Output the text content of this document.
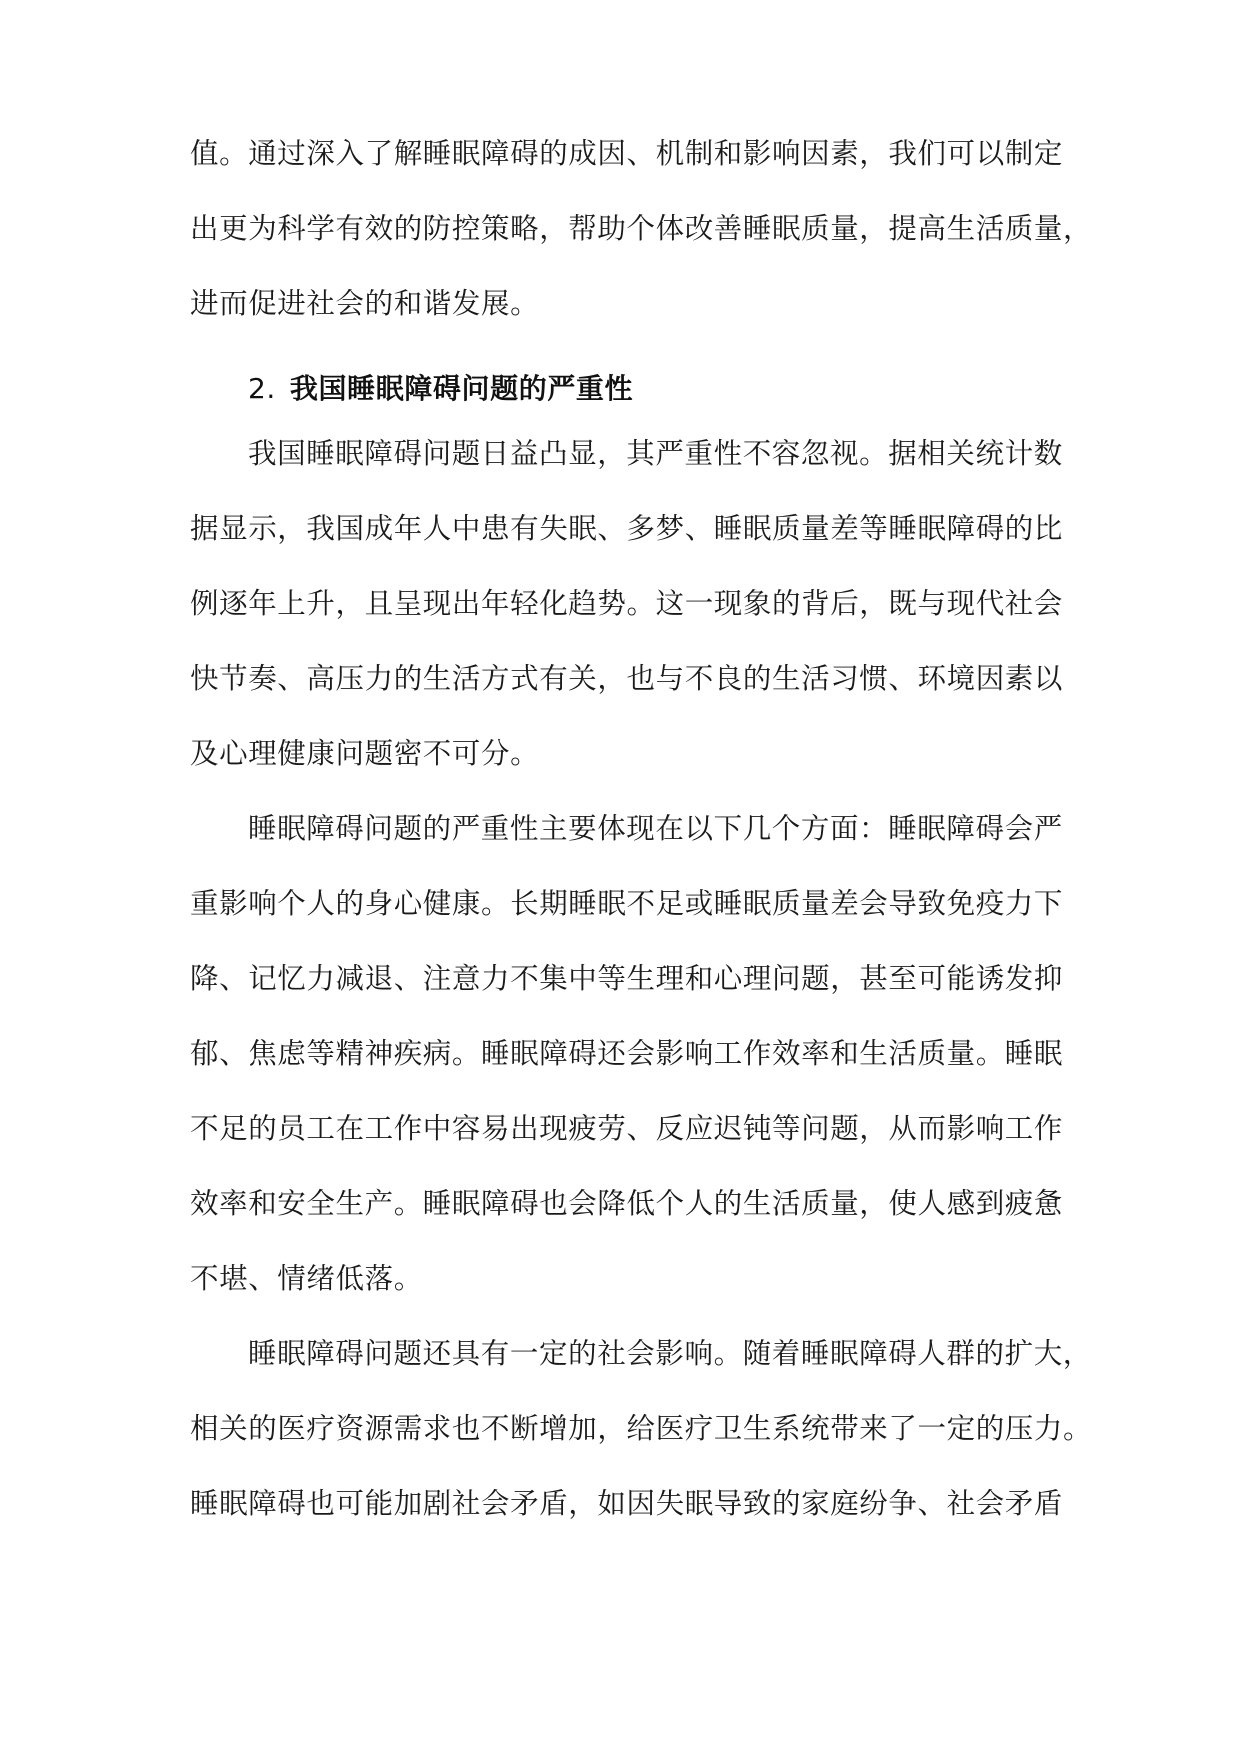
值。通过深入了解睡眠障碍的成因、机制和影响因素，我们可以制定
出更为科学有效的防控策略，帮助个体改善睡眠质量，提高生活质量，
进而促进社会的和谐发展。
2. 我国睡眠障碍问题的严重性
我国睡眠障碍问题日益凸显，其严重性不容忽视。据相关统计数
据显示，我国成年人中患有失眠、多梦、睡眠质量差等睡眠障碍的比
例逐年上升，且呈现出年轻化趋势。这一现象的背后，既与现代社会
快节奏、高压力的生活方式有关，也与不良的生活习惯、环境因素以
及心理健康问题密不可分。
睡眠障碍问题的严重性主要体现在以下几个方面：睡眠障碍会严
重影响个人的身心健康。长期睡眠不足或睡眠质量差会导致免疫力下
降、记忆力减退、注意力不集中等生理和心理问题，甚至可能诱发抑
郁、焦虑等精神疾病。睡眠障碍还会影响工作效率和生活质量。睡眠
不足的员工在工作中容易出现疲劳、反应迟钝等问题，从而影响工作
效率和安全生产。睡眠障碍也会降低个人的生活质量，使人感到疲惫
不堪、情绪低落。
睡眠障碍问题还具有一定的社会影响。随着睡眠障碍人群的扩大，
相关的医疗资源需求也不断增加，给医疗卫生系统带来了一定的压力。
睡眠障碍也可能加剧社会矛盾，如因失眠导致的家庭纷争、社会矛盾
